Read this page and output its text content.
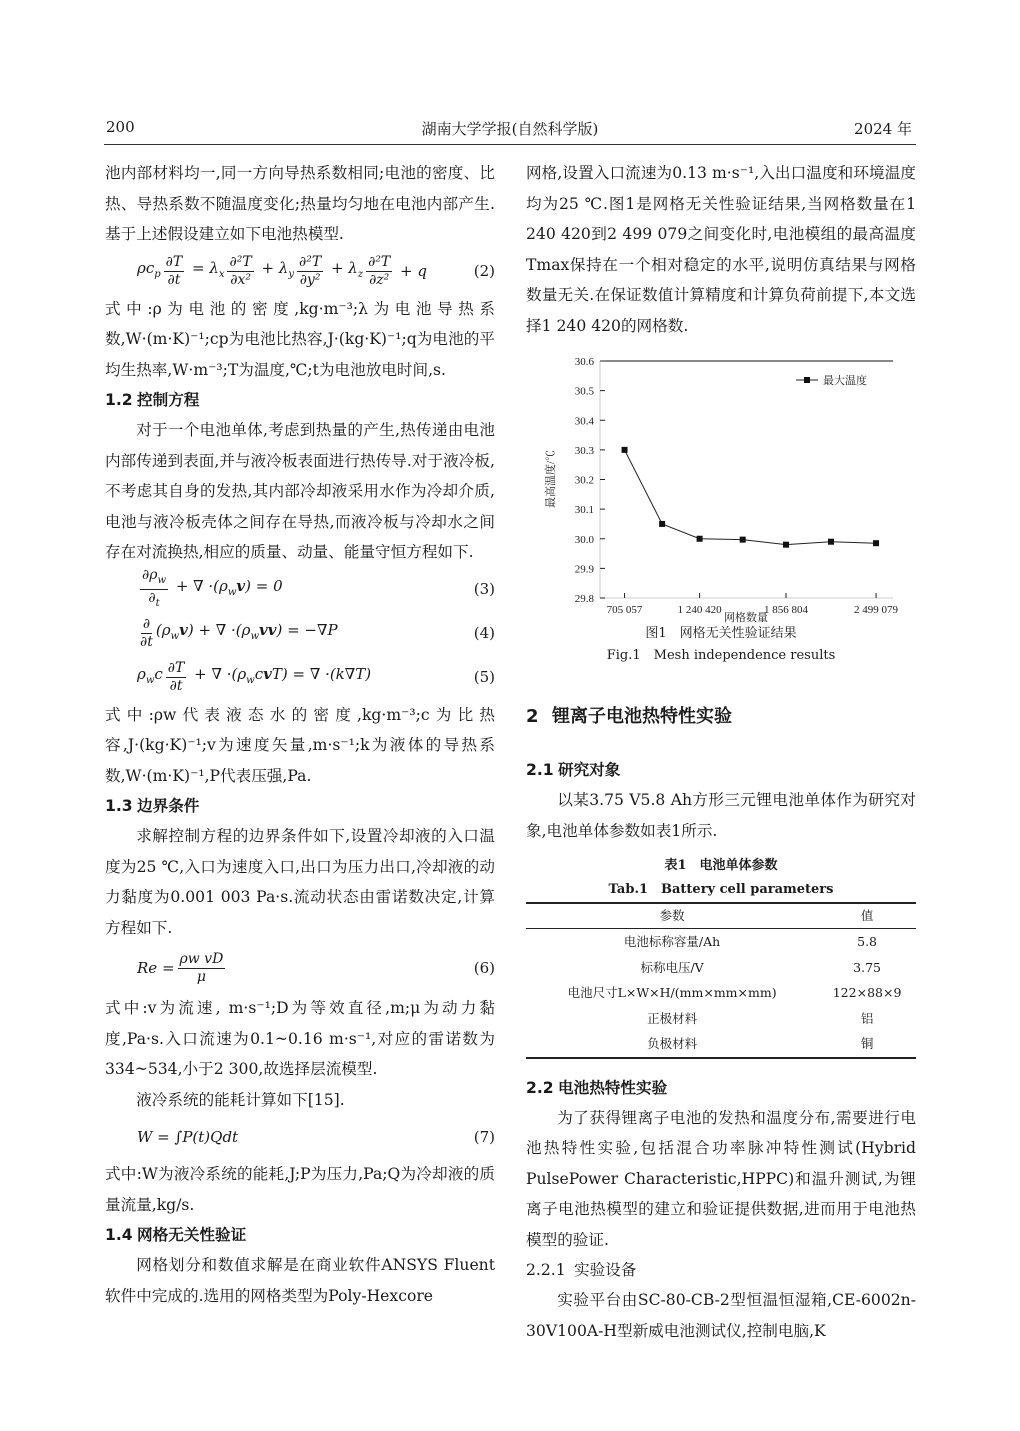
200	湖南大学学报(自然科学版)	2024 年

池内部材料均一,同一方向导热系数相同;电池的密度、比热、导热系数不随温度变化;热量均匀地在电池内部产生.基于上述假设建立如下电池热模型.

$\rho c_p \frac{\partial T}{\partial t} = \lambda_x \frac{\text{∂²T}}{\text{∂x²}} + \lambda_y \frac{\text{∂²T}}{\text{∂y²}} + \lambda_z \frac{\text{∂²T}}{\text{∂z²}} + q$	(2)

式中:ρ为电池的密度,kg·m⁻³;λ为电池导热系数,W·(m·K)⁻¹;cp为电池比热容,J·(kg·K)⁻¹;q为电池的平均生热率,W·m⁻³;T为温度,℃;t为电池放电时间,s.

1.2 控制方程

对于一个电池单体,考虑到热量的产生,热传递由电池内部传递到表面,并与液冷板表面进行热传导.对于液冷板,不考虑其自身的发热,其内部冷却液采用水作为冷却介质,电池与液冷板壳体之间存在导热,而液冷板与冷却水之间存在对流换热,相应的质量、动量、能量守恒方程如下.

$\frac{\partial\rho_w}{\partial_t}$ + ∇ $\cdot(\rho_wv) = 0$	(3)
$\frac{\partial}{\partial t} (\rho_wv)$ + ∇ $\cdot(\rho_wvv) = -\nabla P$	(4)
$\rho_wc \frac{\partial T}{\partial t}$ + ∇ $\cdot(\rho_wcvT)$ = ∇ ·(k∇T)	(5)

式中:ρw代表液态水的密度,kg·m⁻³;c为比热容,J·(kg·K)⁻¹;v为速度矢量,m·s⁻¹;k为液体的导热系数,W·(m·K)⁻¹,P代表压强,Pa.

1.3 边界条件

求解控制方程的边界条件如下,设置冷却液的入口温度为25 ℃,入口为速度入口,出口为压力出口,冷却液的动力黏度为0.001 003 Pa·s.流动状态由雷诺数决定,计算方程如下.

$Re = \frac{\text{ρw vD}}{\mu}$	(6)

式中:v为流速, m·s⁻¹;D为等效直径,m;μ为动力黏度,Pa·s.入口流速为0.1~0.16 m·s⁻¹,对应的雷诺数为334~534,小于2 300,故选择层流模型.

液冷系统的能耗计算如下[15].

W = ∫P(t)Qdt	(7)

式中:W为液冷系统的能耗,J;P为压力,Pa;Q为冷却液的质量流量,kg/s.

1.4 网格无关性验证

网格划分和数值求解是在商业软件ANSYS Fluent软件中完成的.选用的网格类型为Poly-Hexcore

网格,设置入口流速为0.13 m·s⁻¹,入出口温度和环境温度均为25 ℃.图1是网格无关性验证结果,当网格数量在1 240 420到2 499 079之间变化时,电池模组的最高温度Tmax保持在一个相对稳定的水平,说明仿真结果与网格数量无关.在保证数值计算精度和计算负荷前提下,本文选择1 240 420的网格数.

29.8
29.9
30.0
30.1
30.2
30.3
30.4
30.5
30.6
705 057	1 240 420	1 856 804	2 499 079
最大温度
最高温度/℃
网格数量
图1　网格无关性验证结果
Fig.1　Mesh independence results
2 锂离子电池热特性实验
2.1 研究对象

以某3.75 V5.8 Ah方形三元锂电池单体作为研究对象,电池单体参数如表1所示.

表1　电池单体参数
Tab.1　Battery cell parameters
参数	值
电池标称容量/Ah	5.8
标称电压/V	3.75
电池尺寸L×W×H/(mm×mm×mm)	122×88×9
正极材料	铝
负极材料	铜
2.2 电池热特性实验

为了获得锂离子电池的发热和温度分布,需要进行电池热特性实验,包括混合功率脉冲特性测试(Hybrid PulsePower Characteristic,HPPC)和温升测试,为锂离子电池热模型的建立和验证提供数据,进而用于电池热模型的验证.

2.2.1 实验设备

实验平台由SC-80-CB-2型恒温恒湿箱,CE-6002n-30V100A-H型新威电池测试仪,控制电脑,K
